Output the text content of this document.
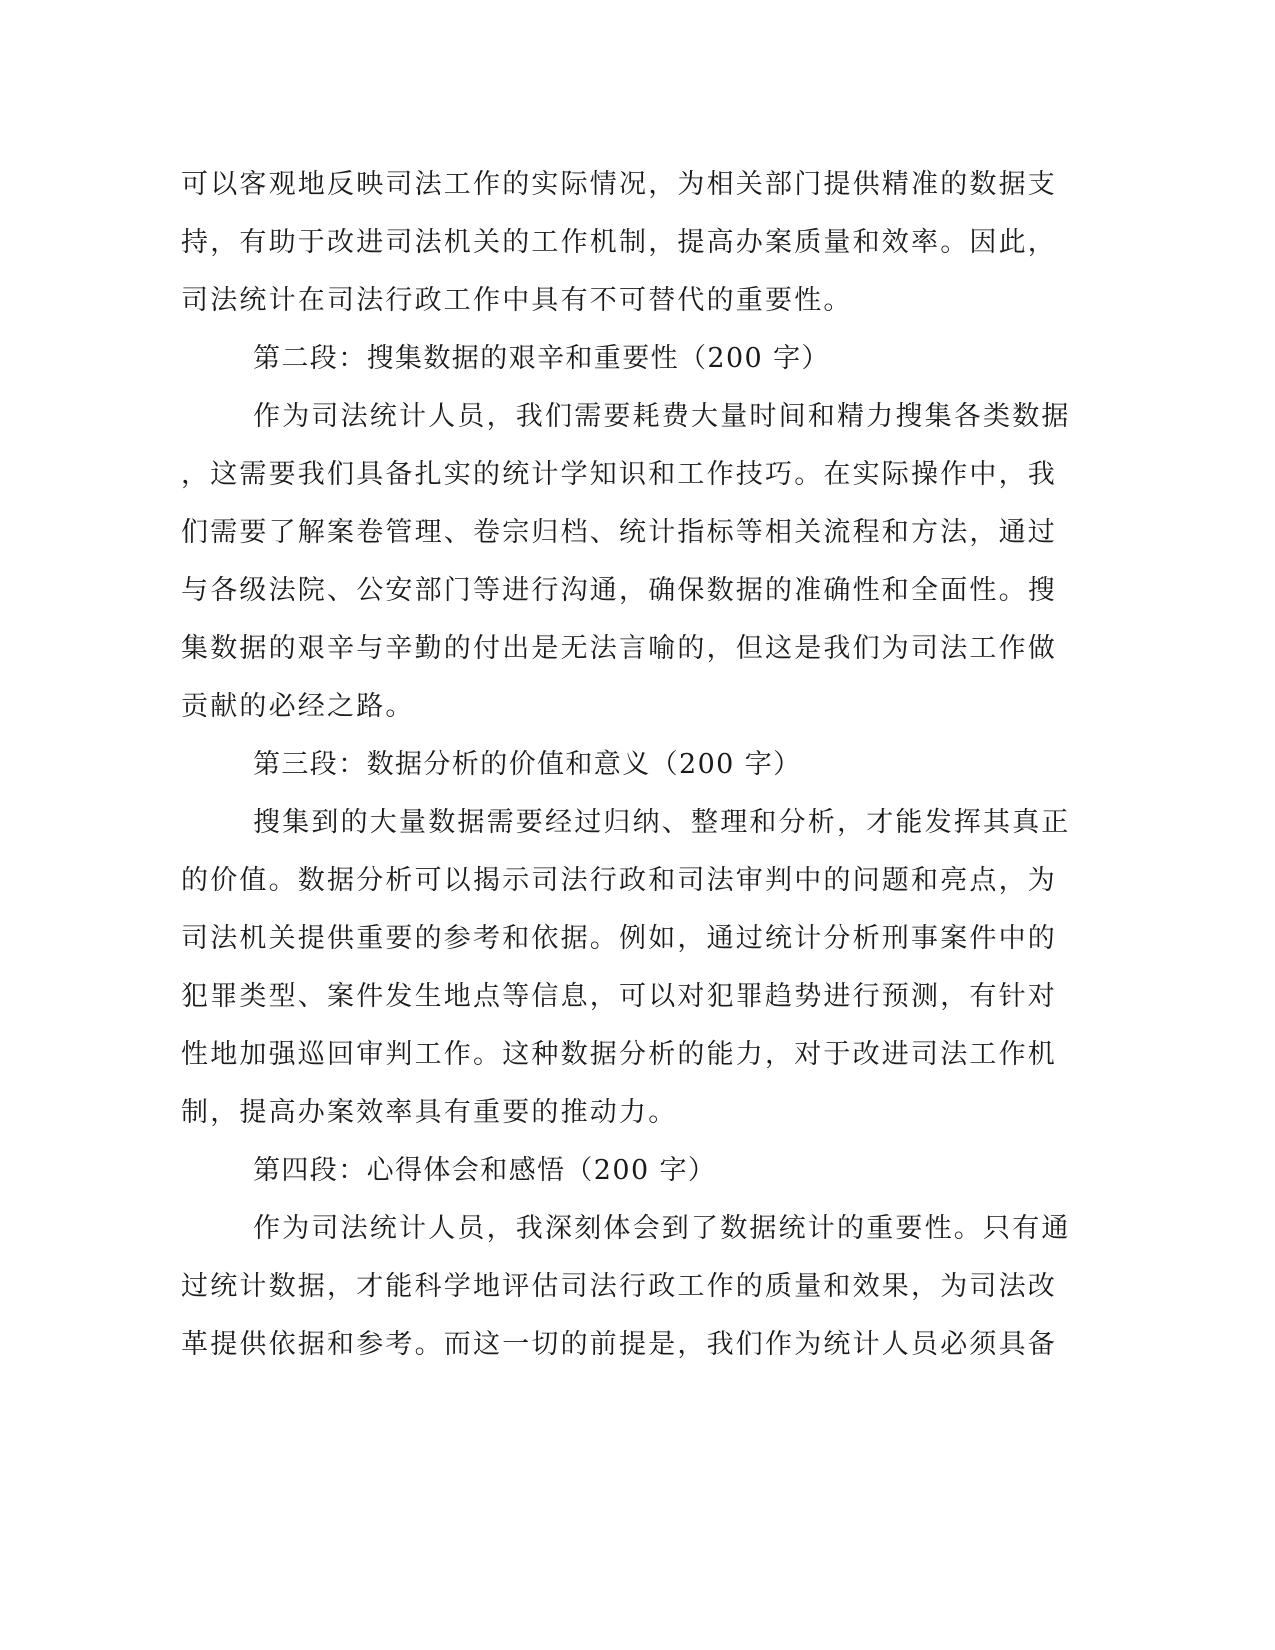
可以客观地反映司法工作的实际情况，为相关部门提供精准的数据支
持，有助于改进司法机关的工作机制，提高办案质量和效率。因此，
司法统计在司法行政工作中具有不可替代的重要性。
第二段：搜集数据的艰辛和重要性（200 字）
作为司法统计人员，我们需要耗费大量时间和精力搜集各类数据
，这需要我们具备扎实的统计学知识和工作技巧。在实际操作中，我
们需要了解案卷管理、卷宗归档、统计指标等相关流程和方法，通过
与各级法院、公安部门等进行沟通，确保数据的准确性和全面性。搜
集数据的艰辛与辛勤的付出是无法言喻的，但这是我们为司法工作做
贡献的必经之路。
第三段：数据分析的价值和意义（200 字）
搜集到的大量数据需要经过归纳、整理和分析，才能发挥其真正
的价值。数据分析可以揭示司法行政和司法审判中的问题和亮点，为
司法机关提供重要的参考和依据。例如，通过统计分析刑事案件中的
犯罪类型、案件发生地点等信息，可以对犯罪趋势进行预测，有针对
性地加强巡回审判工作。这种数据分析的能力，对于改进司法工作机
制，提高办案效率具有重要的推动力。
第四段：心得体会和感悟（200 字）
作为司法统计人员，我深刻体会到了数据统计的重要性。只有通
过统计数据，才能科学地评估司法行政工作的质量和效果，为司法改
革提供依据和参考。而这一切的前提是，我们作为统计人员必须具备
